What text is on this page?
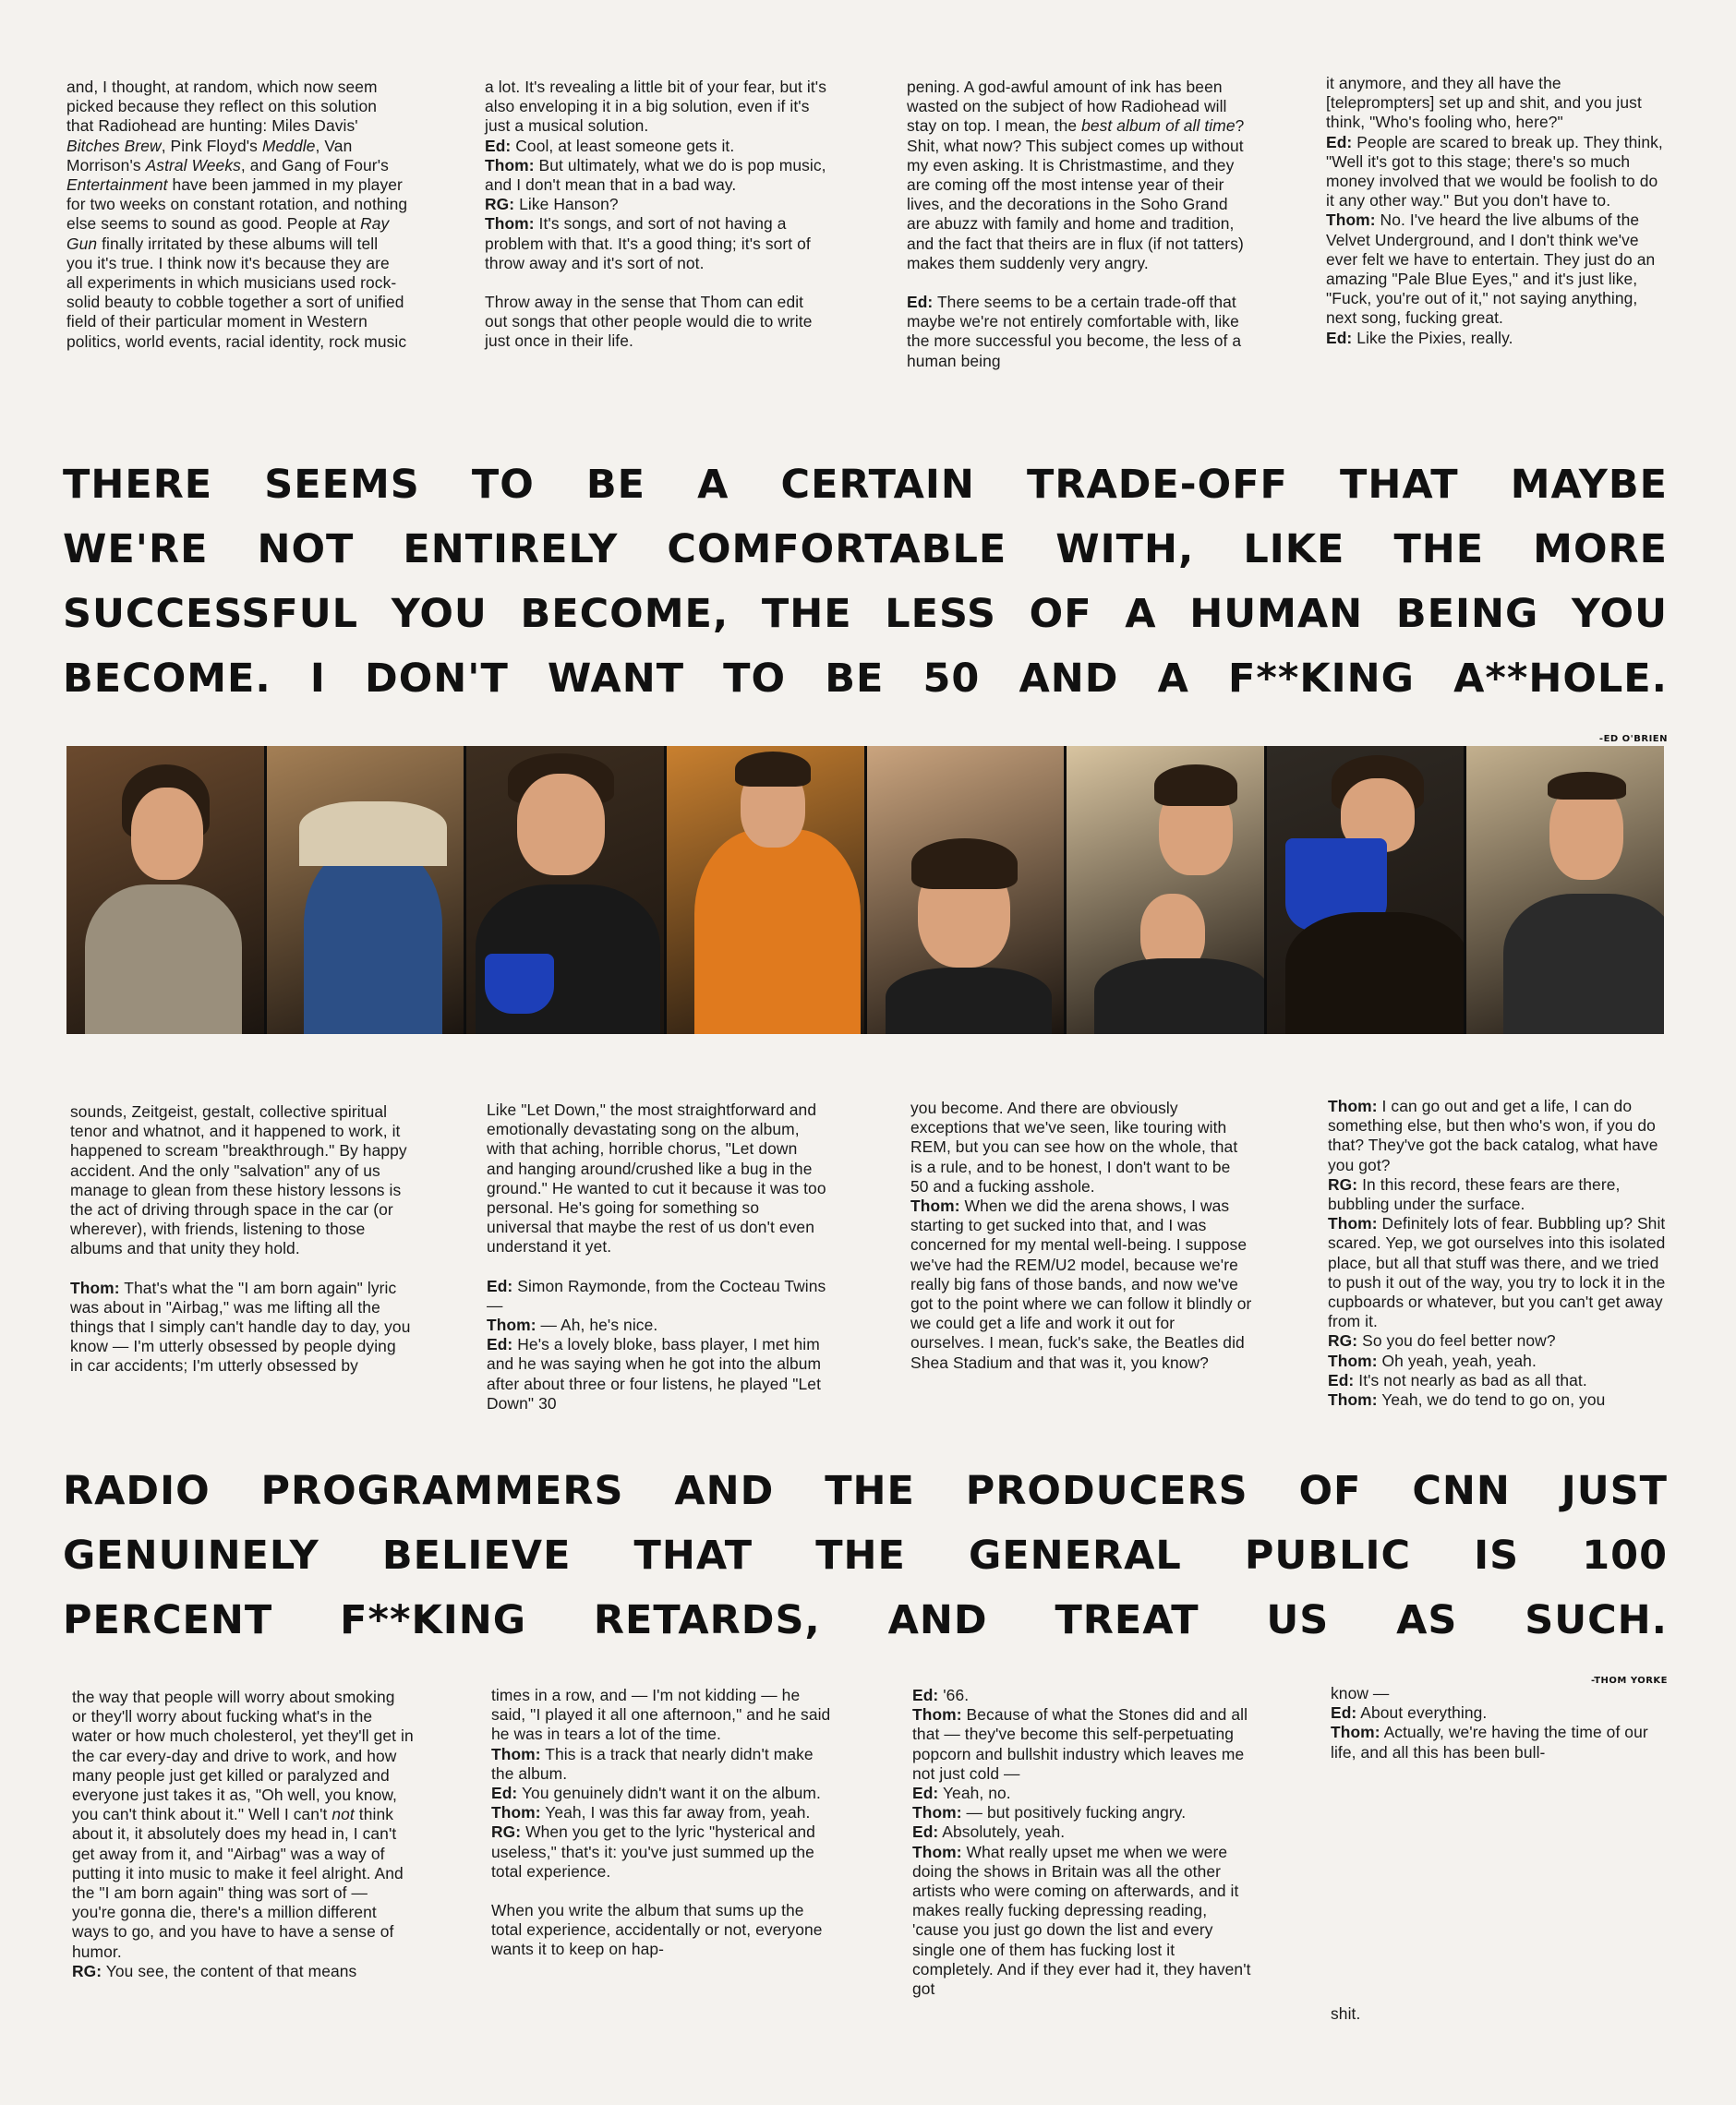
and, I thought, at random, which now seem picked because they reflect on this solution that Radiohead are hunting: Miles Davis' Bitches Brew, Pink Floyd's Meddle, Van Morrison's Astral Weeks, and Gang of Four's Entertainment have been jammed in my player for two weeks on constant rotation, and nothing else seems to sound as good. People at Ray Gun finally irritated by these albums will tell you it's true. I think now it's because they are all experiments in which musicians used rock-solid beauty to cobble together a sort of unified field of their particular moment in Western politics, world events, racial identity, rock music
a lot. It's revealing a little bit of your fear, but it's also enveloping it in a big solution, even if it's just a musical solution.
Ed: Cool, at least someone gets it.
Thom: But ultimately, what we do is pop music, and I don't mean that in a bad way.
RG: Like Hanson?
Thom: It's songs, and sort of not having a problem with that. It's a good thing; it's sort of throw away and it's sort of not.
Throw away in the sense that Thom can edit out songs that other people would die to write just once in their life.
pening. A god-awful amount of ink has been wasted on the subject of how Radiohead will stay on top. I mean, the best album of all time? Shit, what now? This subject comes up without my even asking. It is Christmastime, and they are coming off the most intense year of their lives, and the decorations in the Soho Grand are abuzz with family and home and tradition, and the fact that theirs are in flux (if not tatters) makes them suddenly very angry.
Ed: There seems to be a certain trade-off that maybe we're not entirely comfortable with, like the more successful you become, the less of a human being
it anymore, and they all have the [teleprompters] set up and shit, and you just think, "Who's fooling who, here?"
Ed: People are scared to break up. They think, "Well it's got to this stage; there's so much money involved that we would be foolish to do it any other way." But you don't have to.
Thom: No. I've heard the live albums of the Velvet Underground, and I don't think we've ever felt we have to entertain. They just do an amazing "Pale Blue Eyes," and it's just like, "Fuck, you're out of it," not saying anything, next song, fucking great.
Ed: Like the Pixies, really.
THERE SEEMS TO BE A CERTAIN TRADE-OFF THAT MAYBE
WE'RE NOT ENTIRELY COMFORTABLE WITH, LIKE THE MORE
SUCCESSFUL YOU BECOME, THE LESS OF A HUMAN BEING YOU
BECOME. I DON'T WANT TO BE 50 AND A F**KING A**HOLE.
-ED O'BRIEN
sounds, Zeitgeist, gestalt, collective spiritual tenor and whatnot, and it happened to work, it happened to scream "breakthrough." By happy accident. And the only "salvation" any of us manage to glean from these history lessons is the act of driving through space in the car (or wherever), with friends, listening to those albums and that unity they hold.
Thom: That's what the "I am born again" lyric was about in "Airbag," was me lifting all the things that I simply can't handle day to day, you know — I'm utterly obsessed by people dying in car accidents; I'm utterly obsessed by
Like "Let Down," the most straightforward and emotionally devastating song on the album, with that aching, horrible chorus, "Let down and hanging around/crushed like a bug in the ground." He wanted to cut it because it was too personal. He's going for something so universal that maybe the rest of us don't even understand it yet.
Ed: Simon Raymonde, from the Cocteau Twins —
Thom: — Ah, he's nice.
Ed: He's a lovely bloke, bass player, I met him and he was saying when he got into the album after about three or four listens, he played "Let Down" 30
you become. And there are obviously exceptions that we've seen, like touring with REM, but you can see how on the whole, that is a rule, and to be honest, I don't want to be 50 and a fucking asshole.
Thom: When we did the arena shows, I was starting to get sucked into that, and I was concerned for my mental well-being. I suppose we've had the REM/U2 model, because we're really big fans of those bands, and now we've got to the point where we can follow it blindly or we could get a life and work it out for ourselves. I mean, fuck's sake, the Beatles did Shea Stadium and that was it, you know?
Thom: I can go out and get a life, I can do something else, but then who's won, if you do that? They've got the back catalog, what have you got?
RG: In this record, these fears are there, bubbling under the surface.
Thom: Definitely lots of fear. Bubbling up? Shit scared. Yep, we got ourselves into this isolated place, but all that stuff was there, and we tried to push it out of the way, you try to lock it in the cupboards or whatever, but you can't get away from it.
RG: So you do feel better now?
Thom: Oh yeah, yeah, yeah.
Ed: It's not nearly as bad as all that.
Thom: Yeah, we do tend to go on, you
RADIO PROGRAMMERS AND THE PRODUCERS OF CNN JUST
GENUINELY BELIEVE THAT THE GENERAL PUBLIC IS 100
PERCENT F**KING RETARDS, AND TREAT US AS SUCH.
-THOM YORKE
the way that people will worry about smoking or they'll worry about fucking what's in the water or how much cholesterol, yet they'll get in the car every-day and drive to work, and how many people just get killed or paralyzed and everyone just takes it as, "Oh well, you know, you can't think about it." Well I can't not think about it, it absolutely does my head in, I can't get away from it, and "Airbag" was a way of putting it into music to make it feel alright. And the "I am born again" thing was sort of — you're gonna die, there's a million different ways to go, and you have to have a sense of humor.
RG: You see, the content of that means
times in a row, and — I'm not kidding — he said, "I played it all one afternoon," and he said he was in tears a lot of the time.
Thom: This is a track that nearly didn't make the album.
Ed: You genuinely didn't want it on the album.
Thom: Yeah, I was this far away from, yeah.
RG: When you get to the lyric "hysterical and useless," that's it: you've just summed up the total experience.
When you write the album that sums up the total experience, accidentally or not, everyone wants it to keep on hap-
Ed: '66.
Thom: Because of what the Stones did and all that — they've become this self-perpetuating popcorn and bullshit industry which leaves me not just cold —
Ed: Yeah, no.
Thom: — but positively fucking angry.
Ed: Absolutely, yeah.
Thom: What really upset me when we were doing the shows in Britain was all the other artists who were coming on afterwards, and it makes really fucking depressing reading, 'cause you just go down the list and every single one of them has fucking lost it completely. And if they ever had it, they haven't got
know —
Ed: About everything.
Thom: Actually, we're having the time of our life, and all this has been bull-
shit.
